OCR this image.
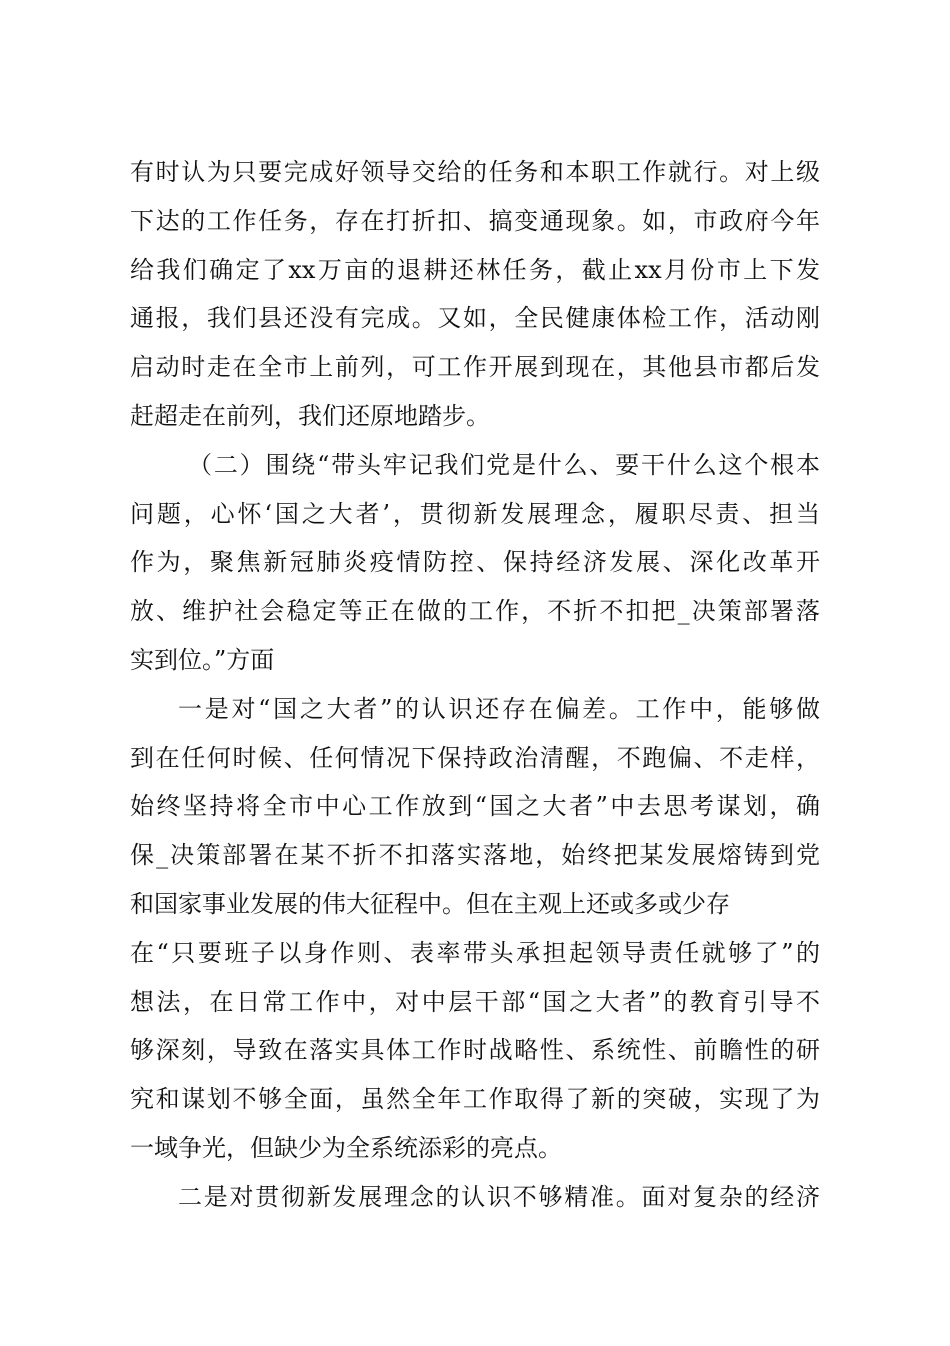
有时认为只要完成好领导交给的任务和本职工作就行。对上级
下达的工作任务，存在打折扣、搞变通现象。如，市政府今年
给我们确定了xx万亩的退耕还林任务，截止xx月份市上下发
通报，我们县还没有完成。又如，全民健康体检工作，活动刚
启动时走在全市上前列，可工作开展到现在，其他县市都后发
赶超走在前列，我们还原地踏步。
（二）围绕“带头牢记我们党是什么、要干什么这个根本
问题，心怀‘国之大者’，贯彻新发展理念，履职尽责、担当
作为，聚焦新冠肺炎疫情防控、保持经济发展、深化改革开
放、维护社会稳定等正在做的工作，不折不扣把_决策部署落
实到位。”方面
一是对“国之大者”的认识还存在偏差。工作中，能够做
到在任何时候、任何情况下保持政治清醒，不跑偏、不走样，
始终坚持将全市中心工作放到“国之大者”中去思考谋划，确
保_决策部署在某不折不扣落实落地，始终把某发展熔铸到党
和国家事业发展的伟大征程中。但在主观上还或多或少存
在“只要班子以身作则、表率带头承担起领导责任就够了”的
想法，在日常工作中，对中层干部“国之大者”的教育引导不
够深刻，导致在落实具体工作时战略性、系统性、前瞻性的研
究和谋划不够全面，虽然全年工作取得了新的突破，实现了为
一域争光，但缺少为全系统添彩的亮点。
二是对贯彻新发展理念的认识不够精准。面对复杂的经济
